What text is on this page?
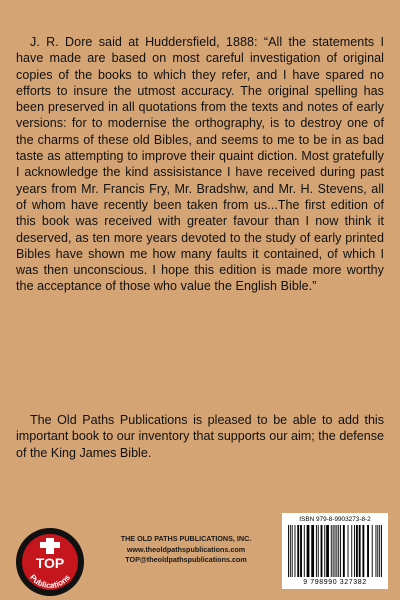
J. R. Dore said at Huddersfield, 1888: “All the statements I have made are based on most careful investigation of original copies of the books to which they refer, and I have spared no efforts to insure the utmost accuracy. The original spelling has been preserved in all quotations from the texts and notes of early versions: for to modernise the orthography, is to destroy one of the charms of these old Bibles, and seems to me to be in as bad taste as attempting to improve their quaint diction. Most gratefully I acknowledge the kind assisistance I have received during past years from Mr. Francis Fry, Mr. Bradshw, and Mr. H. Stevens, all of whom have recently been taken from us...The first edition of this book was received with greater favour than I now think it deserved, as ten more years devoted to the study of early printed Bibles have shown me how many faults it contained, of which I was then unconscious. I hope this edition is made more worthy the acceptance of those who value the English Bible.”

The Old Paths Publications is pleased to be able to add this important book to our inventory that supports our aim; the defense of the King James Bible.

TOP
Publications
THE OLD PATHS PUBLICATIONS, INC.
www.theoldpathspublications.com
TOP@theoldpathspublications.com
ISBN 979-8-9903273-8-2
9 798990 327382
